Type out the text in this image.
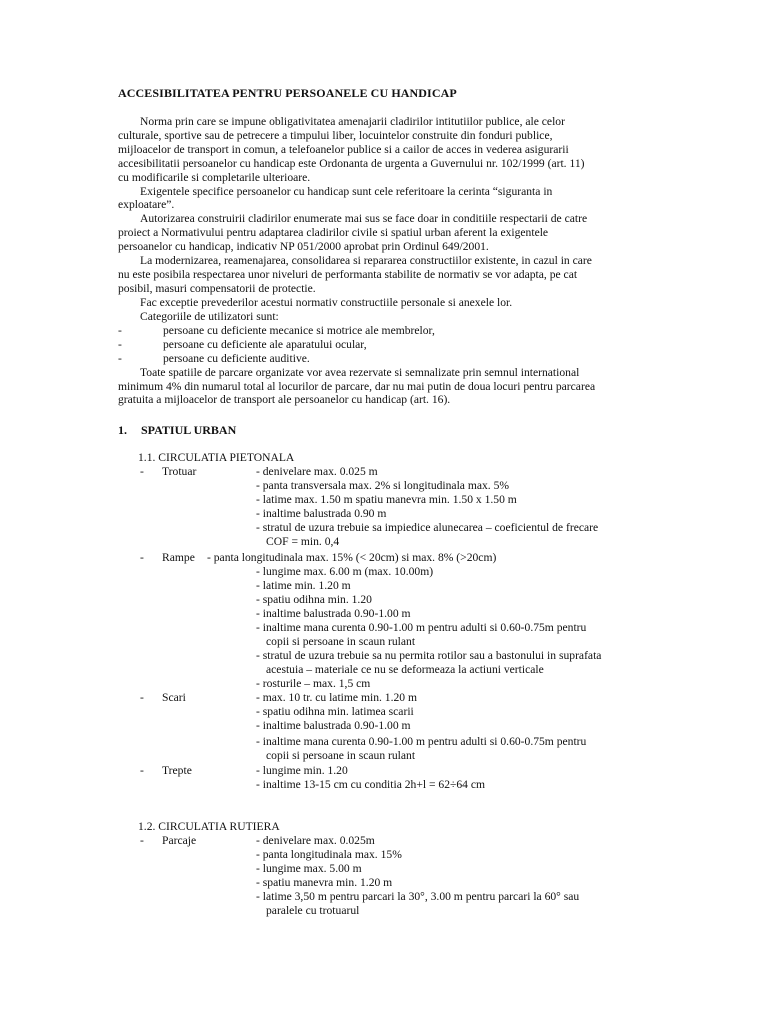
ACCESIBILITATEA PENTRU PERSOANELE CU HANDICAP

Norma prin care se impune obligativitatea amenajarii cladirilor intitutiilor publice, ale celor
culturale, sportive sau de petrecere a timpului liber, locuintelor construite din fonduri publice,
mijloacelor de transport in comun, a telefoanelor publice si a cailor de acces in vederea asigurarii
accesibilitatii persoanelor cu handicap este Ordonanta de urgenta a Guvernului nr. 102/1999 (art. 11)
cu modificarile si completarile ulterioare.

Exigentele specifice persoanelor cu handicap sunt cele referitoare la cerinta “siguranta in
exploatare”.

Autorizarea construirii cladirilor enumerate mai sus se face doar in conditiile respectarii de catre
proiect a Normativului pentru adaptarea cladirilor civile si spatiul urban aferent la exigentele
persoanelor cu handicap, indicativ NP 051/2000 aprobat prin Ordinul 649/2001.

La modernizarea, reamenajarea, consolidarea si repararea constructiilor existente, in cazul in care
nu este posibila respectarea unor niveluri de performanta stabilite de normativ se vor adapta, pe cat
posibil, masuri compensatorii de protectie.

Fac exceptie prevederilor acestui normativ constructiile personale si anexele lor.

Categoriile de utilizatori sunt:

-	persoane cu deficiente mecanice si motrice ale membrelor,
-	persoane cu deficiente ale aparatului ocular,
-	persoane cu deficiente auditive.

Toate spatiile de parcare organizate vor avea rezervate si semnalizate prin semnul international
minimum 4% din numarul total al locurilor de parcare, dar nu mai putin de doua locuri pentru parcarea
gratuita a mijloacelor de transport ale persoanelor cu handicap (art. 16).

1. SPATIUL URBAN
1.1. CIRCULATIA PIETONALA
- Trotuar	- denivelare max. 0.025 m
- panta transversala max. 2% si longitudinala max. 5%
- latime max. 1.50 m spatiu manevra min. 1.50 x 1.50 m
- inaltime balustrada 0.90 m
- stratul de uzura trebuie sa impiedice alunecarea – coeficientul de frecare
COF = min. 0,4
- Rampe - panta longitudinala max. 15% (< 20cm) si max. 8% (>20cm)
- lungime max. 6.00 m (max. 10.00m)
- latime min. 1.20 m
- spatiu odihna min. 1.20
- inaltime balustrada 0.90-1.00 m
- inaltime mana curenta 0.90-1.00 m pentru adulti si 0.60-0.75m pentru
copii si persoane in scaun rulant
- stratul de uzura trebuie sa nu permita rotilor sau a bastonului in suprafata
acestuia – materiale ce nu se deformeaza la actiuni verticale
- rosturile – max. 1,5 cm
- Scari	- max. 10 tr. cu latime min. 1.20 m
- spatiu odihna min. latimea scarii
- inaltime balustrada 0.90-1.00 m
- inaltime mana curenta 0.90-1.00 m pentru adulti si 0.60-0.75m pentru
copii si persoane in scaun rulant
- Trepte	- lungime min. 1.20
- inaltime 13-15 cm cu conditia 2h+l = 62÷64 cm
1.2. CIRCULATIA RUTIERA
- Parcaje	- denivelare max. 0.025m
- panta longitudinala max. 15%
- lungime max. 5.00 m
- spatiu manevra min. 1.20 m
- latime 3,50 m pentru parcari la 30°, 3.00 m pentru parcari la 60° sau
paralele cu trotuarul
